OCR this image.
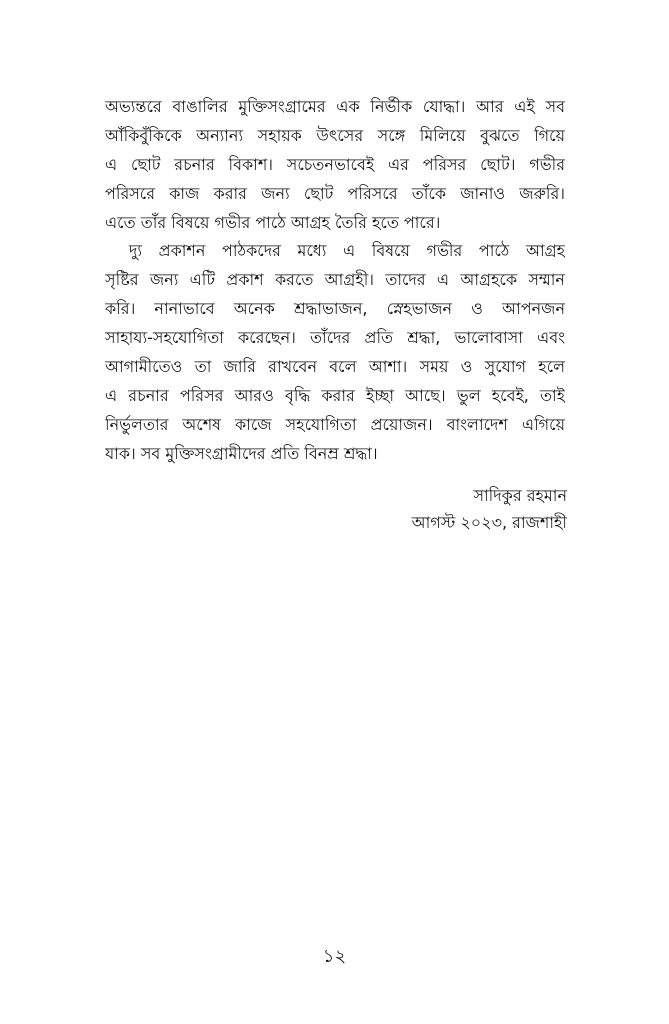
অভ্যন্তরে বাঙালির মুক্তিসংগ্রামের এক নির্ভীক যোদ্ধা। আর এই সব
আঁকিবুঁকিকে অন্যান্য সহায়ক উৎসের সঙ্গে মিলিয়ে বুঝতে গিয়ে
এ ছোট রচনার বিকাশ। সচেতনভাবেই এর পরিসর ছোট। গভীর
পরিসরে কাজ করার জন্য ছোট পরিসরে তাঁকে জানাও জরুরি।
এতে তাঁর বিষয়ে গভীর পাঠে আগ্রহ তৈরি হতে পারে।
দ্যু প্রকাশন পাঠকদের মধ্যে এ বিষয়ে গভীর পাঠে আগ্রহ
সৃষ্টির জন্য এটি প্রকাশ করতে আগ্রহী। তাদের এ আগ্রহকে সম্মান
করি। নানাভাবে অনেক শ্রদ্ধাভাজন, স্নেহভাজন ও আপনজন
সাহায্য-সহযোগিতা করেছেন। তাঁদের প্রতি শ্রদ্ধা, ভালোবাসা এবং
আগামীতেও তা জারি রাখবেন বলে আশা। সময় ও সুযোগ হলে
এ রচনার পরিসর আরও বৃদ্ধি করার ইচ্ছা আছে। ভুল হবেই, তাই
নির্ভুলতার অশেষ কাজে সহযোগিতা প্রয়োজন। বাংলাদেশ এগিয়ে
যাক। সব মুক্তিসংগ্রামীদের প্রতি বিনম্র শ্রদ্ধা।
সাদিকুর রহমান
আগস্ট ২০২৩, রাজশাহী
১২
